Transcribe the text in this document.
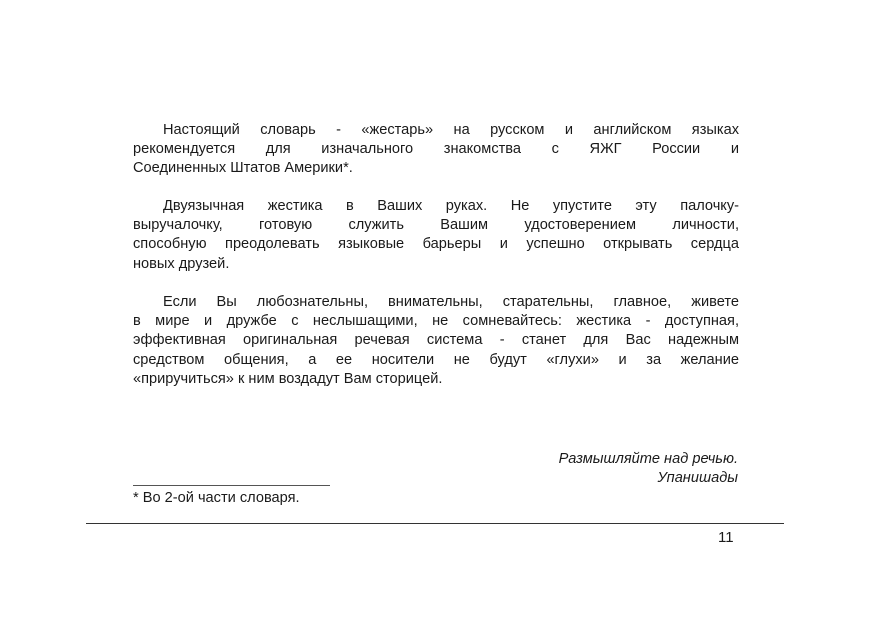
Настоящий словарь - «жестарь» на русском и английском языках
рекомендуется для изначального знакомства с ЯЖГ России и
Соединенных Штатов Америки*.
Двуязычная жестика в Ваших руках. Не упустите эту палочку-
выручалочку, готовую служить Вашим удостоверением личности,
способную преодолевать языковые барьеры и успешно открывать сердца
новых друзей.
Если Вы любознательны, внимательны, старательны, главное, живете
в мире и дружбе с неслышащими, не сомневайтесь: жестика - доступная,
эффективная оригинальная речевая система - станет для Вас надежным
средством общения, а ее носители не будут «глухи» и за желание
«приручиться» к ним воздадут Вам сторицей.
Размышляйте над речью.
Упанишады
* Во 2-ой части словаря.
11
